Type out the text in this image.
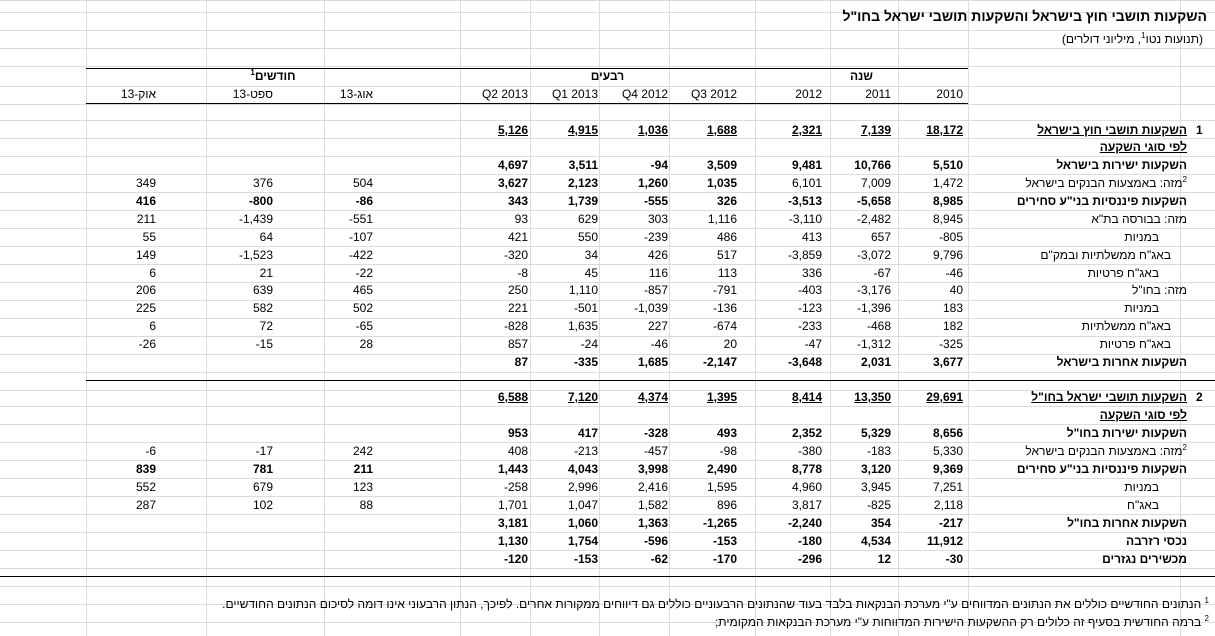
השקעות תושבי חוץ בישראל והשקעות תושבי ישראל בחו"ל
(תנועות נטו$^1$, מיליוני דולרים)
חודשים$^1$	רבעים	שנה
2010
2011
2012
Q3 2012
Q4 2012
Q1 2013
Q2 2013
אוג-13
ספט-13
אוק-13
1
השקעות תושבי חוץ בישראל
18,172
7,139
2,321
1,688
1,036
4,915
5,126
לפי סוגי השקעה
השקעות ישירות בישראל
5,510
10,766
9,481
3,509
-94
3,511
4,697
$^2$מזה: באמצעות הבנקים בישראל
1,472
7,009
6,101
1,035
1,260
2,123
3,627
504
376
349
השקעות פיננסיות בני"ע סחירים
8,985
-5,658
-3,513
326
-555
1,739
343
-86
-800
416
מזה: בבורסה בת"א
8,945
-2,482
-3,110
1,116
303
629
93
-551
-1,439
211
במניות
-805
657
413
486
-239
550
421
-107
64
55
באג"ח ממשלתיות ובמק"ם
9,796
-3,072
-3,859
517
426
34
-320
-422
-1,523
149
באג"ח פרטיות
-46
-67
336
113
116
45
-8
-22
21
6
מזה: בחו"ל
40
-3,176
-403
-791
-857
1,110
250
465
639
206
במניות
183
-1,396
-123
-136
-1,039
-501
221
502
582
225
באג"ח ממשלתיות
182
-468
-233
-674
227
1,635
-828
-65
72
6
באג"ח פרטיות
-325
-1,312
-47
20
-46
-24
857
28
-15
-26
השקעות אחרות בישראל
3,677
2,031
-3,648
-2,147
1,685
-335
87
2
השקעות תושבי ישראל בחו"ל
29,691
13,350
8,414
1,395
4,374
7,120
6,588
לפי סוגי השקעה
השקעות ישירות בחו"ל
8,656
5,329
2,352
493
-328
417
953
$^2$מזה: באמצעות הבנקים בישראל
5,330
-183
-380
-98
-457
-213
408
242
-17
-6
השקעות פיננסיות בני"ע סחירים
9,369
3,120
8,778
2,490
3,998
4,043
1,443
211
781
839
במניות
7,251
3,945
4,960
1,595
2,416
2,996
-258
123
679
552
באג"ח
2,118
-825
3,817
896
1,582
1,047
1,701
88
102
287
השקעות אחרות בחו"ל
-217
354
-2,240
-1,265
1,363
1,060
3,181
נכסי רזרבה
11,912
4,534
-180
-153
-596
1,754
1,130
מכשירים נגזרים
-30
12
-296
-170
-62
-153
-120
$^1$ הנתונים החודשיים כוללים את הנתונים המדווחים ע"י מערכת הבנקאות בלבד בעוד שהנתונים הרבעוניים כוללים גם דיווחים ממקורות אחרים. לפיכך, הנתון הרבעוני אינו דומה לסיכום הנתונים החודשיים.
$^2$ ברמה החודשית בסעיף זה כלולים רק ההשקעות הישירות המדווחות ע"י מערכת הבנקאות המקומית;
